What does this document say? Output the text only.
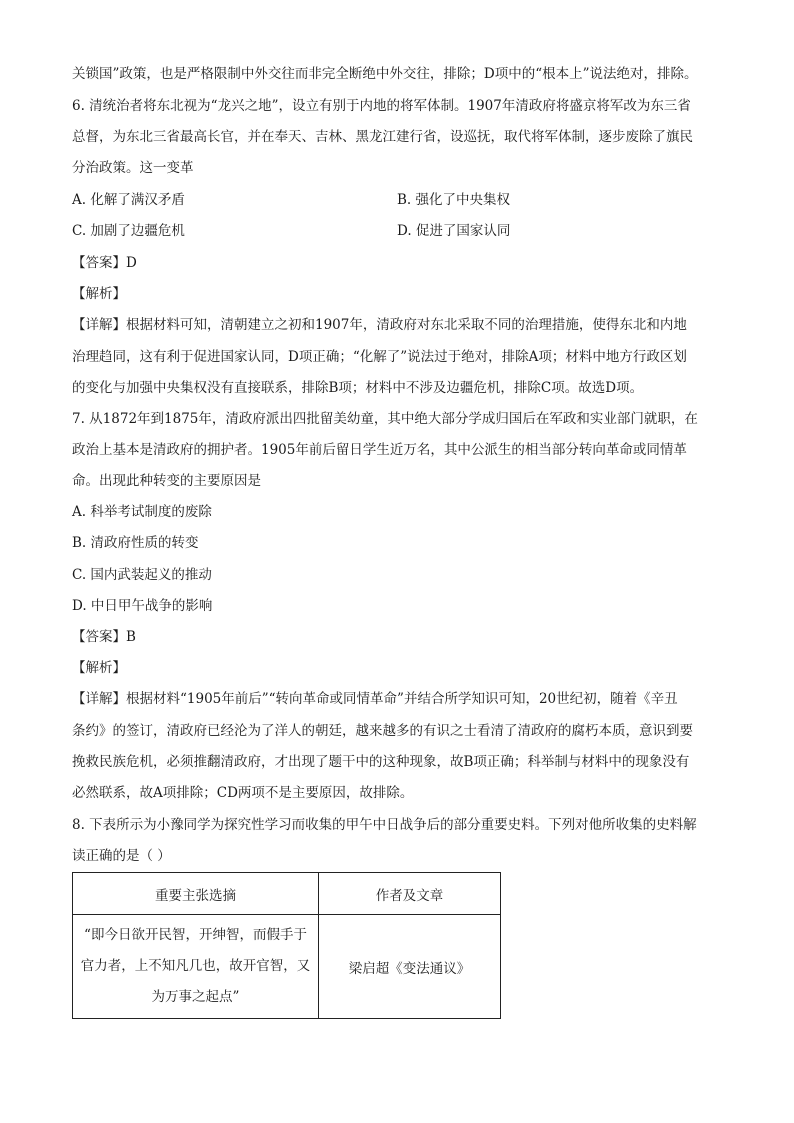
关锁国”政策，也是严格限制中外交往而非完全断绝中外交往，排除；D项中的“根本上”说法绝对，排除。
6. 清统治者将东北视为“龙兴之地”，设立有别于内地的将军体制。1907年清政府将盛京将军改为东三省
总督，为东北三省最高长官，并在奉天、吉林、黑龙江建行省，设巡抚，取代将军体制，逐步废除了旗民
分治政策。这一变革
A. 化解了满汉矛盾	B. 强化了中央集权
C. 加剧了边疆危机	D. 促进了国家认同
【答案】D
【解析】
【详解】根据材料可知，清朝建立之初和1907年，清政府对东北采取不同的治理措施，使得东北和内地
治理趋同，这有利于促进国家认同，D项正确；“化解了”说法过于绝对，排除A项；材料中地方行政区划
的变化与加强中央集权没有直接联系，排除B项；材料中不涉及边疆危机，排除C项。故选D项。
7. 从1872年到1875年，清政府派出四批留美幼童，其中绝大部分学成归国后在军政和实业部门就职，在
政治上基本是清政府的拥护者。1905年前后留日学生近万名，其中公派生的相当部分转向革命或同情革
命。出现此种转变的主要原因是
A. 科举考试制度的废除
B. 清政府性质的转变
C. 国内武装起义的推动
D. 中日甲午战争的影响
【答案】B
【解析】
【详解】根据材料“1905年前后”“转向革命或同情革命”并结合所学知识可知，20世纪初，随着《辛丑
条约》的签订，清政府已经沦为了洋人的朝廷，越来越多的有识之士看清了清政府的腐朽本质，意识到要
挽救民族危机，必须推翻清政府，才出现了题干中的这种现象，故B项正确；科举制与材料中的现象没有
必然联系，故A项排除；CD两项不是主要原因，故排除。
8. 下表所示为小豫同学为探究性学习而收集的甲午中日战争后的部分重要史料。下列对他所收集的史料解
读正确的是（ ）
重要主张选摘	作者及文章
“即今日欲开民智，开绅智，而假手于官力者，上不知凡几也，故开官智，又为万事之起点”	梁启超《变法通议》
